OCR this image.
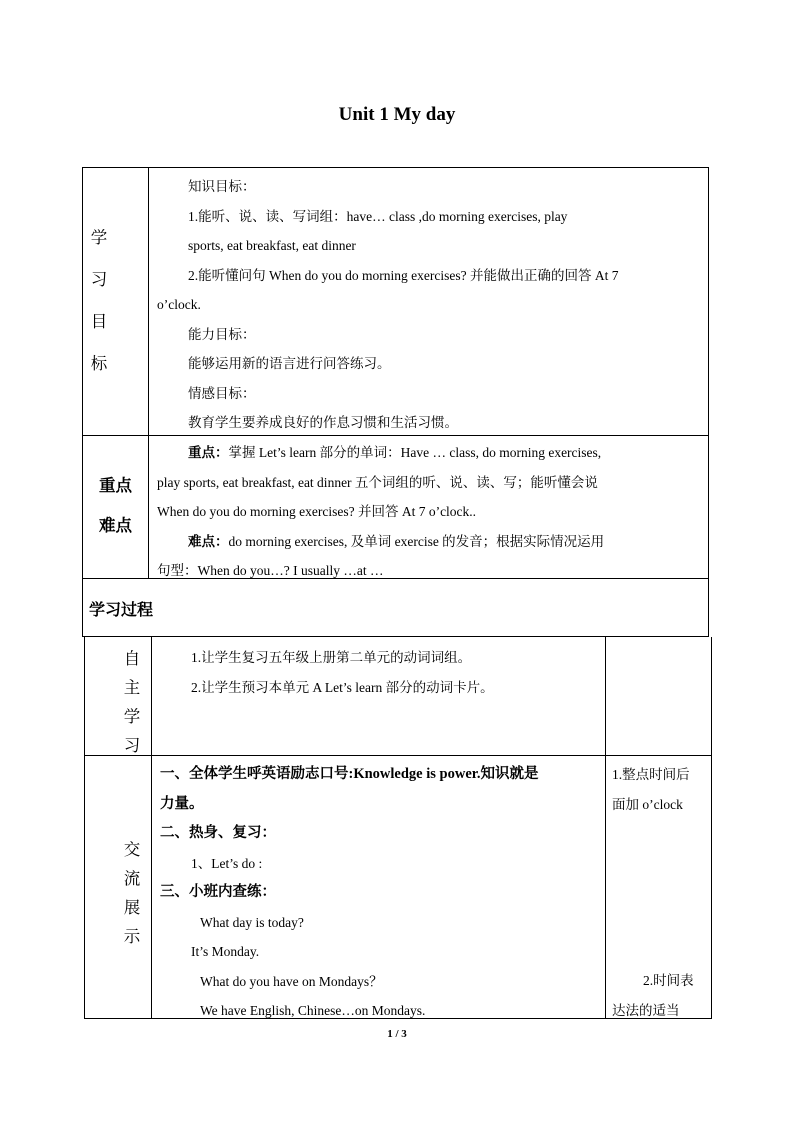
Unit 1 My day
学
习
目
标
知识目标：
1.能听、说、读、写词组：have… class ,do morning exercises, play
sports, eat breakfast, eat dinner
2.能听懂问句 When do you do morning exercises? 并能做出正确的回答 At 7
o’clock.
能力目标：
能够运用新的语言进行问答练习。
情感目标：
教育学生要养成良好的作息习惯和生活习惯。
重点
难点
重点：掌握 Let’s learn 部分的单词：Have … class, do morning exercises,
play sports, eat breakfast, eat dinner 五个词组的听、说、读、写；能听懂会说
When do you do morning exercises? 并回答 At 7 o’clock..
难点：do morning exercises, 及单词 exercise 的发音；根据实际情况运用
句型：When do you…? I usually …at …
学习过程
自
主
学
习
1.让学生复习五年级上册第二单元的动词词组。
2.让学生预习本单元 A Let’s learn 部分的动词卡片。
交
流
展
示
一、全体学生呼英语励志口号:Knowledge is power.知识就是
力量。
二、热身、复习：
1、Let’s do :
三、小班内查练：
What day is today?
It’s Monday.
What do you have on Mondays？
We have English, Chinese…on Mondays.
1.整点时间后
面加 o’clock
2.时间表
达法的适当
1 / 3
